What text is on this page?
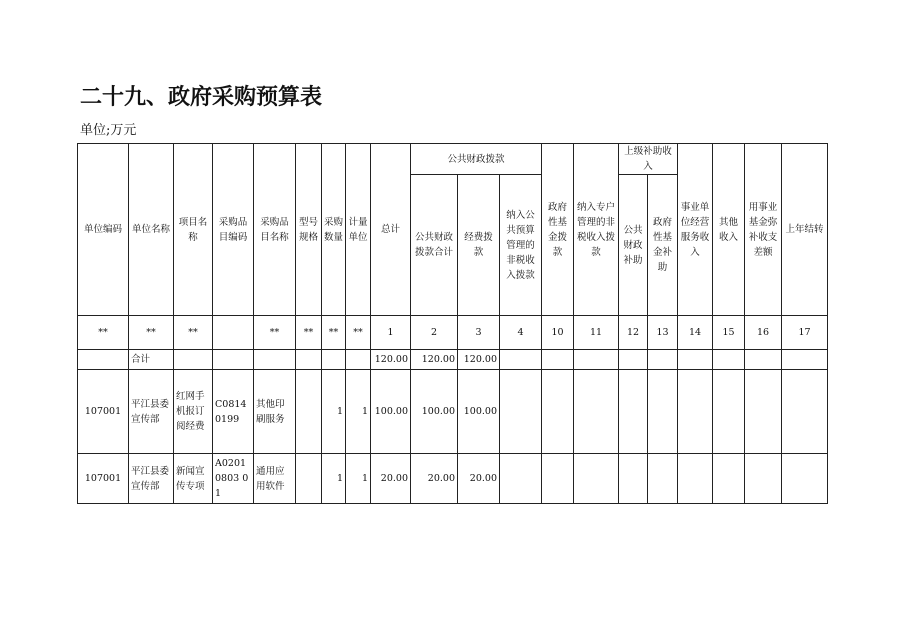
二十九、政府采购预算表
单位;万元
单位编码	单位名称	项目名称	采购品目编码	采购品目名称	型号规格	采购数量	计量单位	总计	公共财政拨款			政府性基金拨款	纳入专户管理的非税收入拨款	上级补助收入		事业单位经营服务收入	其他收入	用事业基金弥补收支差额	上年结转
									公共财政拨款合计	经费拨款	纳入公共预算管理的非税收入拨款			公共财政补助	政府性基金补助				
**	**	**		**	**	**	**	1	2	3	4	10	11	12	13	14	15	16	17
	合计							120.00	120.00	120.00									
107001	平江县委宣传部	红网手机报订阅经费	C08140199	其他印刷服务		1	1	100.00	100.00	100.00									
107001	平江县委宣传部	新闻宣传专项	A02010803 01	通用应用软件		1	1	20.00	20.00	20.00									
